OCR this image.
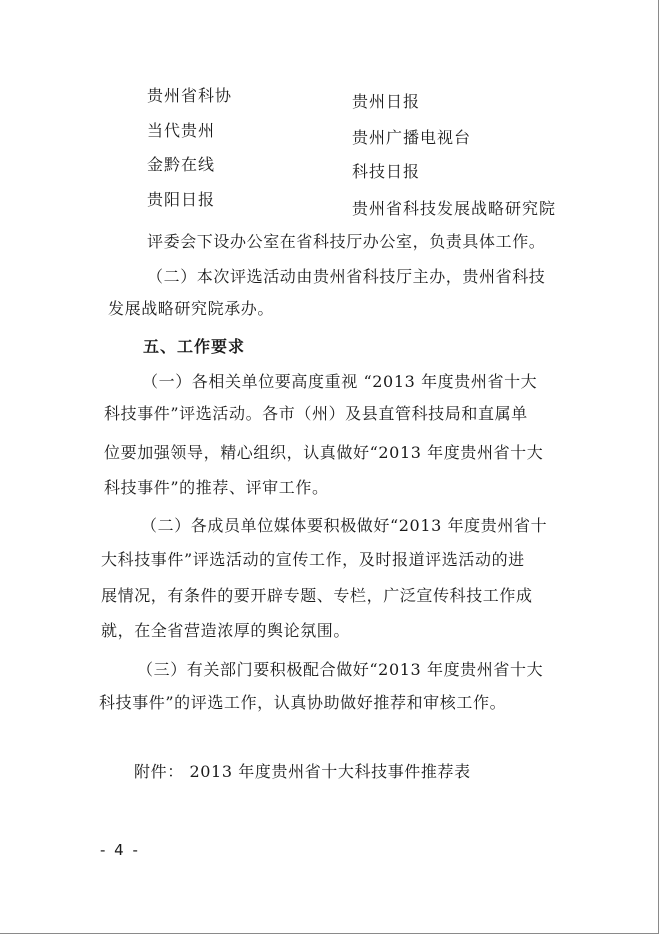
贵州省科协
当代贵州
金黔在线
贵阳日报
贵州日报
贵州广播电视台
科技日报
贵州省科技发展战略研究院
评委会下设办公室在省科技厅办公室，负责具体工作。
（二）本次评选活动由贵州省科技厅主办，贵州省科技
发展战略研究院承办。
五、工作要求
（一）各相关单位要高度重视 “2013 年度贵州省十大
科技事件”评选活动。各市（州）及县直管科技局和直属单
位要加强领导，精心组织，认真做好“2013 年度贵州省十大
科技事件”的推荐、评审工作。
（二）各成员单位媒体要积极做好“2013 年度贵州省十
大科技事件”评选活动的宣传工作，及时报道评选活动的进
展情况，有条件的要开辟专题、专栏，广泛宣传科技工作成
就，在全省营造浓厚的舆论氛围。
（三）有关部门要积极配合做好“2013 年度贵州省十大
科技事件”的评选工作，认真协助做好推荐和审核工作。
附件： 2013 年度贵州省十大科技事件推荐表
- 4 -
